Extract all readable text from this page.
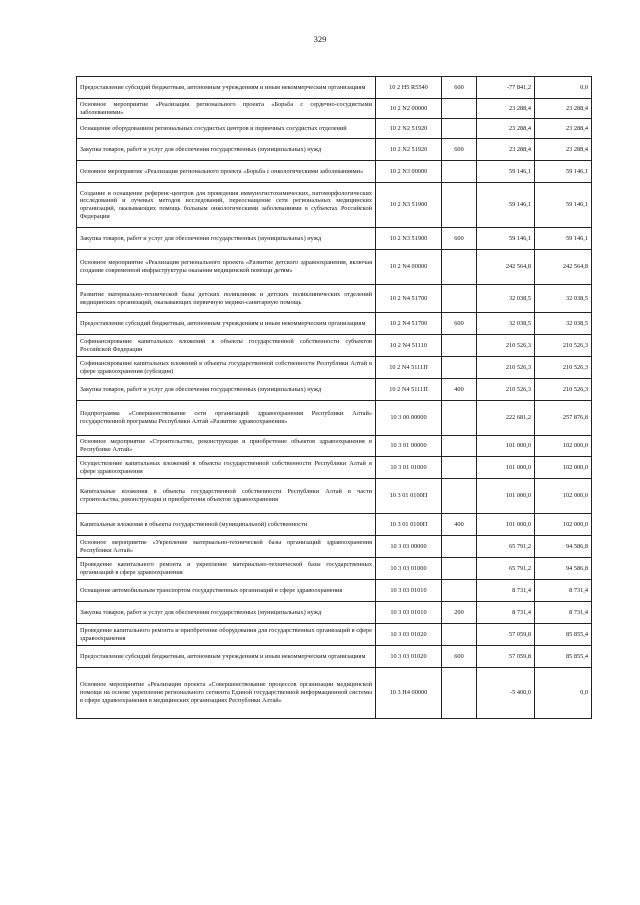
329
Предоставление субсидий бюджетным, автономным учреждениям и иным некоммерческим организациям	10 2 Н5 R5540	600	-77 841,2	0,0
Основное мероприятие «Реализация регионального проекта «Борьба с сердечно-сосудистыми заболеваниями»	10 2 N2 00000		23 288,4	23 288,4
Оснащение оборудованием региональных сосудистых центров и первичных сосудистых отделений	10 2 N2 51920		23 288,4	23 288,4
Закупка товаров, работ и услуг для обеспечения государственных (муниципальных) нужд	10 2 N2 51920	600	23 288,4	23 288,4
Основное мероприятие «Реализация регионального проекта «Борьба с онкологическими заболеваниями»	10 2 N3 00000		59 146,1	59 146,1
Создание и оснащение референс-центров для проведения иммуногистохимических, патоморфологических исследований и лучевых методов исследований, переоснащение сети региональных медицинских организаций, оказывающих помощь больным онкологическими заболеваниями в субъектах Российской Федерации	10 2 N3 51900		59 146,1	59 146,1
Закупка товаров, работ и услуг для обеспечения государственных (муниципальных) нужд	10 2 N3 51900	600	59 146,1	59 146,1
Основное мероприятие «Реализация регионального проекта «Развитие детского здравоохранения, включая создание современной инфраструктуры оказания медицинской помощи детям»	10 2 N4 00000		242 564,8	242 564,8
Развитие материально-технической базы детских поликлиник и детских поликлинических отделений медицинских организаций, оказывающих первичную медико-санитарную помощь	10 2 N4 51700		32 038,5	32 038,5
Предоставление субсидий бюджетным, автономным учреждениям и иным некоммерческим организациям	10 2 N4 51700	600	32 038,5	32 038,5
Софинансирование капитальных вложений в объекты государственной собственности субъектов Российской Федерации	10 2 N4 51110		210 526,3	210 526,3
Софинансирование капитальных вложений в объекты государственной собственности Республики Алтай в сфере здравоохранения (субсидия)	10 2 N4 5111П		210 526,3	210 526,3
Закупка товаров, работ и услуг для обеспечения государственных (муниципальных) нужд	10 2 N4 5111П	400	210 526,3	210 526,3
Подпрограмма «Совершенствование сети организаций здравоохранения Республики Алтай» государственной программы Республики Алтай «Развитие здравоохранения»	10 3 00 00000		222 681,2	257 876,8
Основное мероприятие «Строительство, реконструкция и приобретение объектов здравоохранения в Республике Алтай»	10 3 01 00000		101 000,0	102 000,0
Осуществление капитальных вложений в объекты государственной собственности Республики Алтай в сфере здравоохранения	10 3 01 01000		101 000,0	102 000,0
Капитальные вложения в объекты государственной собственности Республики Алтай в части строительства, реконструкции и приобретения объектов здравоохранения	10 3 01 0100П		101 000,0	102 000,0
Капитальные вложения в объекты государственной (муниципальной) собственности	10 3 01 0100П	400	101 000,0	102 000,0
Основное мероприятие «Укрепление материально-технической базы организаций здравоохранения Республики Алтай»	10 3 03 00000		65 791,2	94 586,8
Проведение капитального ремонта и укрепление материально-технической базы государственных организаций в сфере здравоохранения	10 3 03 01000		65 791,2	94 586,8
Оснащение автомобильным транспортом государственных организаций в сфере здравоохранения	10 3 03 01010		8 731,4	8 731,4
Закупка товаров, работ и услуг для обеспечения государственных (муниципальных) нужд	10 3 03 01010	200	8 731,4	8 731,4
Проведение капитального ремонта и приобретение оборудования для государственных организаций в сфере здравоохранения	10 3 03 01020		57 059,8	85 855,4
Предоставление субсидий бюджетным, автономным учреждениям и иным некоммерческим организациям	10 3 03 01020	600	57 059,8	85 855,4
Основное мероприятие «Реализация проекта «Совершенствование процессов организации медицинской помощи на основе укрепления регионального сегмента Единой государственной информационной системы в сфере здравоохранения в медицинских организациях Республики Алтай»	10 3 Н4 00000		-5 400,0	0,0
